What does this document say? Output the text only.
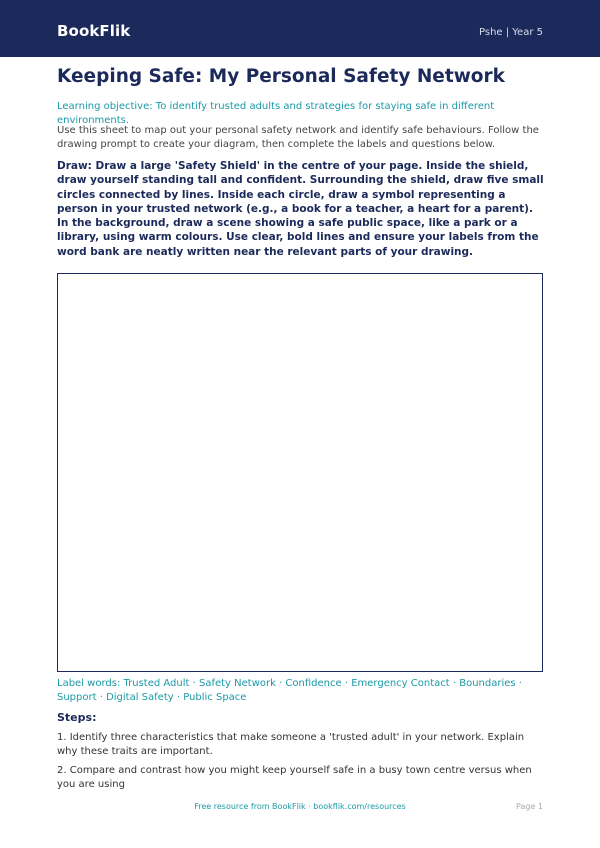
BookFlik	Pshe | Year 5
Keeping Safe: My Personal Safety Network

Learning objective: To identify trusted adults and strategies for staying safe in different environments.

Use this sheet to map out your personal safety network and identify safe behaviours. Follow the drawing prompt to create your diagram, then complete the labels and questions below.

Draw: Draw a large 'Safety Shield' in the centre of your page. Inside the shield, draw yourself standing tall and confident. Surrounding the shield, draw five small circles connected by lines. Inside each circle, draw a symbol representing a person in your trusted network (e.g., a book for a teacher, a heart for a parent). In the background, draw a scene showing a safe public space, like a park or a library, using warm colours. Use clear, bold lines and ensure your labels from the word bank are neatly written near the relevant parts of your drawing.

Label words: Trusted Adult · Safety Network · Confidence · Emergency Contact · Boundaries · Support · Digital Safety · Public Space

Steps:
1. Identify three characteristics that make someone a 'trusted adult' in your network. Explain why these traits are important.
2. Compare and contrast how you might keep yourself safe in a busy town centre versus when you are using
Free resource from BookFlik · bookflik.com/resources	Page 1
